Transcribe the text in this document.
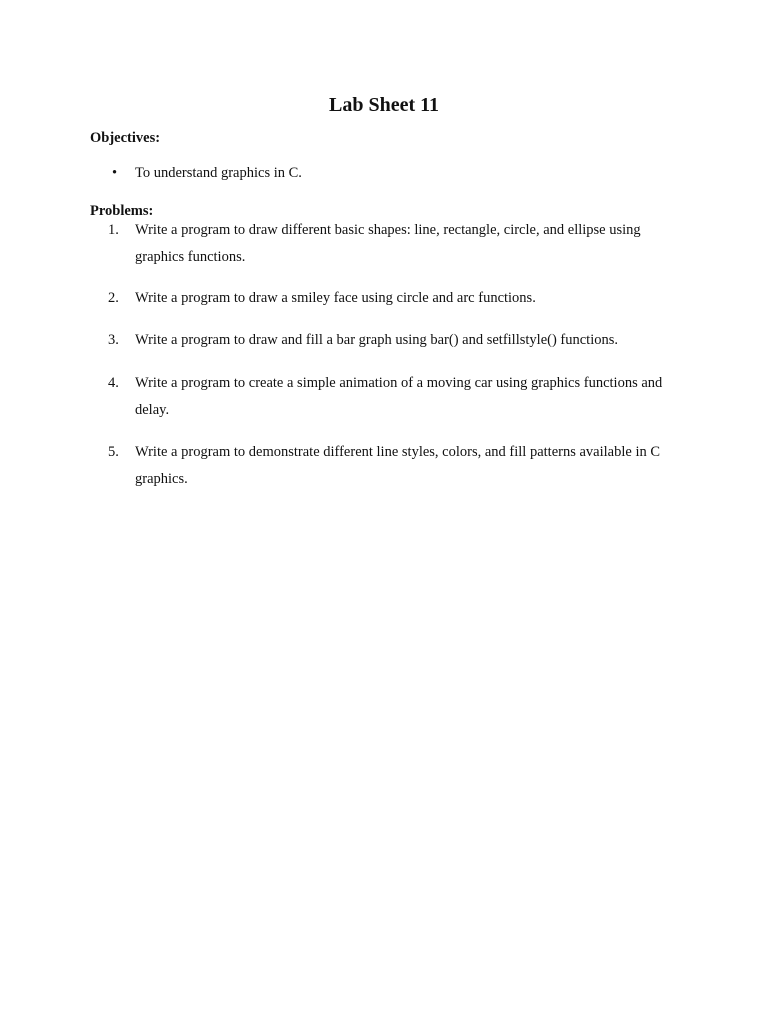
Lab Sheet 11
Objectives:
• To understand graphics in C.
Problems:
1.	Write a program to draw different basic shapes: line, rectangle, circle, and ellipse using graphics functions.
2.	Write a program to draw a smiley face using circle and arc functions.
3.	Write a program to draw and fill a bar graph using bar() and setfillstyle() functions.
4.	Write a program to create a simple animation of a moving car using graphics functions and delay.
5.	Write a program to demonstrate different line styles, colors, and fill patterns available in C graphics.
